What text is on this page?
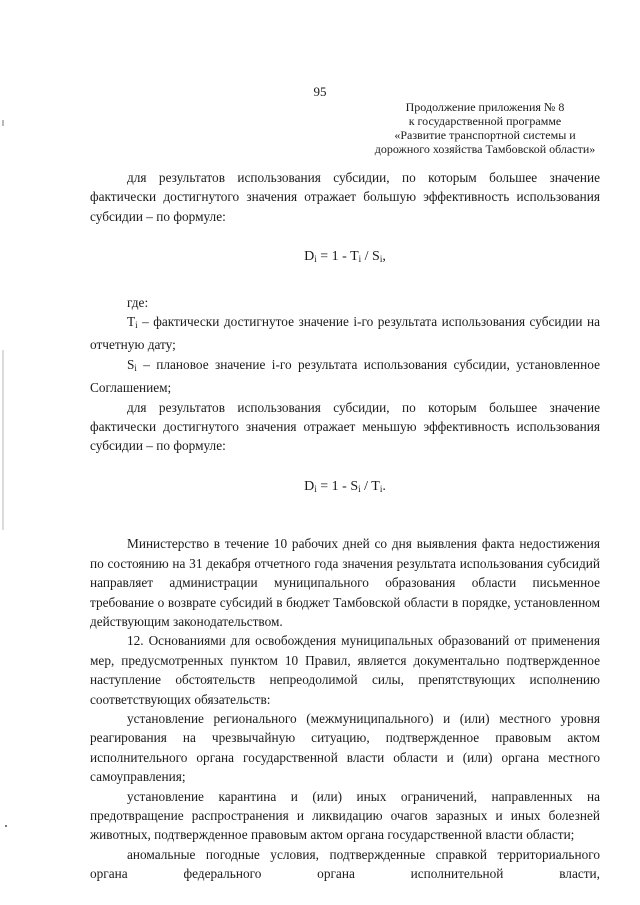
95
Продолжение приложения № 8
к государственной программе
«Развитие транспортной системы и
дорожного хозяйства Тамбовской области»

для результатов использования субсидии, по которым большее значение фактически достигнутого значения отражает большую эффективность использования субсидии – по формуле:

$D_i = 1 - T_i / S_i$,

где:

$T_i$ – фактически достигнутое значение i-го результата использования субсидии на отчетную дату;

$S_i$ – плановое значение i-го результата использования субсидии, установленное Соглашением;

для результатов использования субсидии, по которым большее значение фактически достигнутого значения отражает меньшую эффективность использования субсидии – по формуле:

$D_i = 1 - S_i / T_i$.

Министерство в течение 10 рабочих дней со дня выявления факта недостижения по состоянию на 31 декабря отчетного года значения результата использования субсидий направляет администрации муниципального образования области письменное требование о возврате субсидий в бюджет Тамбовской области в порядке, установленном действующим законодательством.

12. Основаниями для освобождения муниципальных образований от применения мер, предусмотренных пунктом 10 Правил, является документально подтвержденное наступление обстоятельств непреодолимой силы, препятствующих исполнению соответствующих обязательств:

установление регионального (межмуниципального) и (или) местного уровня реагирования на чрезвычайную ситуацию, подтвержденное правовым актом исполнительного органа государственной власти области и (или) органа местного самоуправления;

установление карантина и (или) иных ограничений, направленных на предотвращение распространения и ликвидацию очагов заразных и иных болезней животных, подтвержденное правовым актом органа государственной власти области;

аномальные погодные условия, подтвержденные справкой территориального органа федерального органа исполнительной власти,
